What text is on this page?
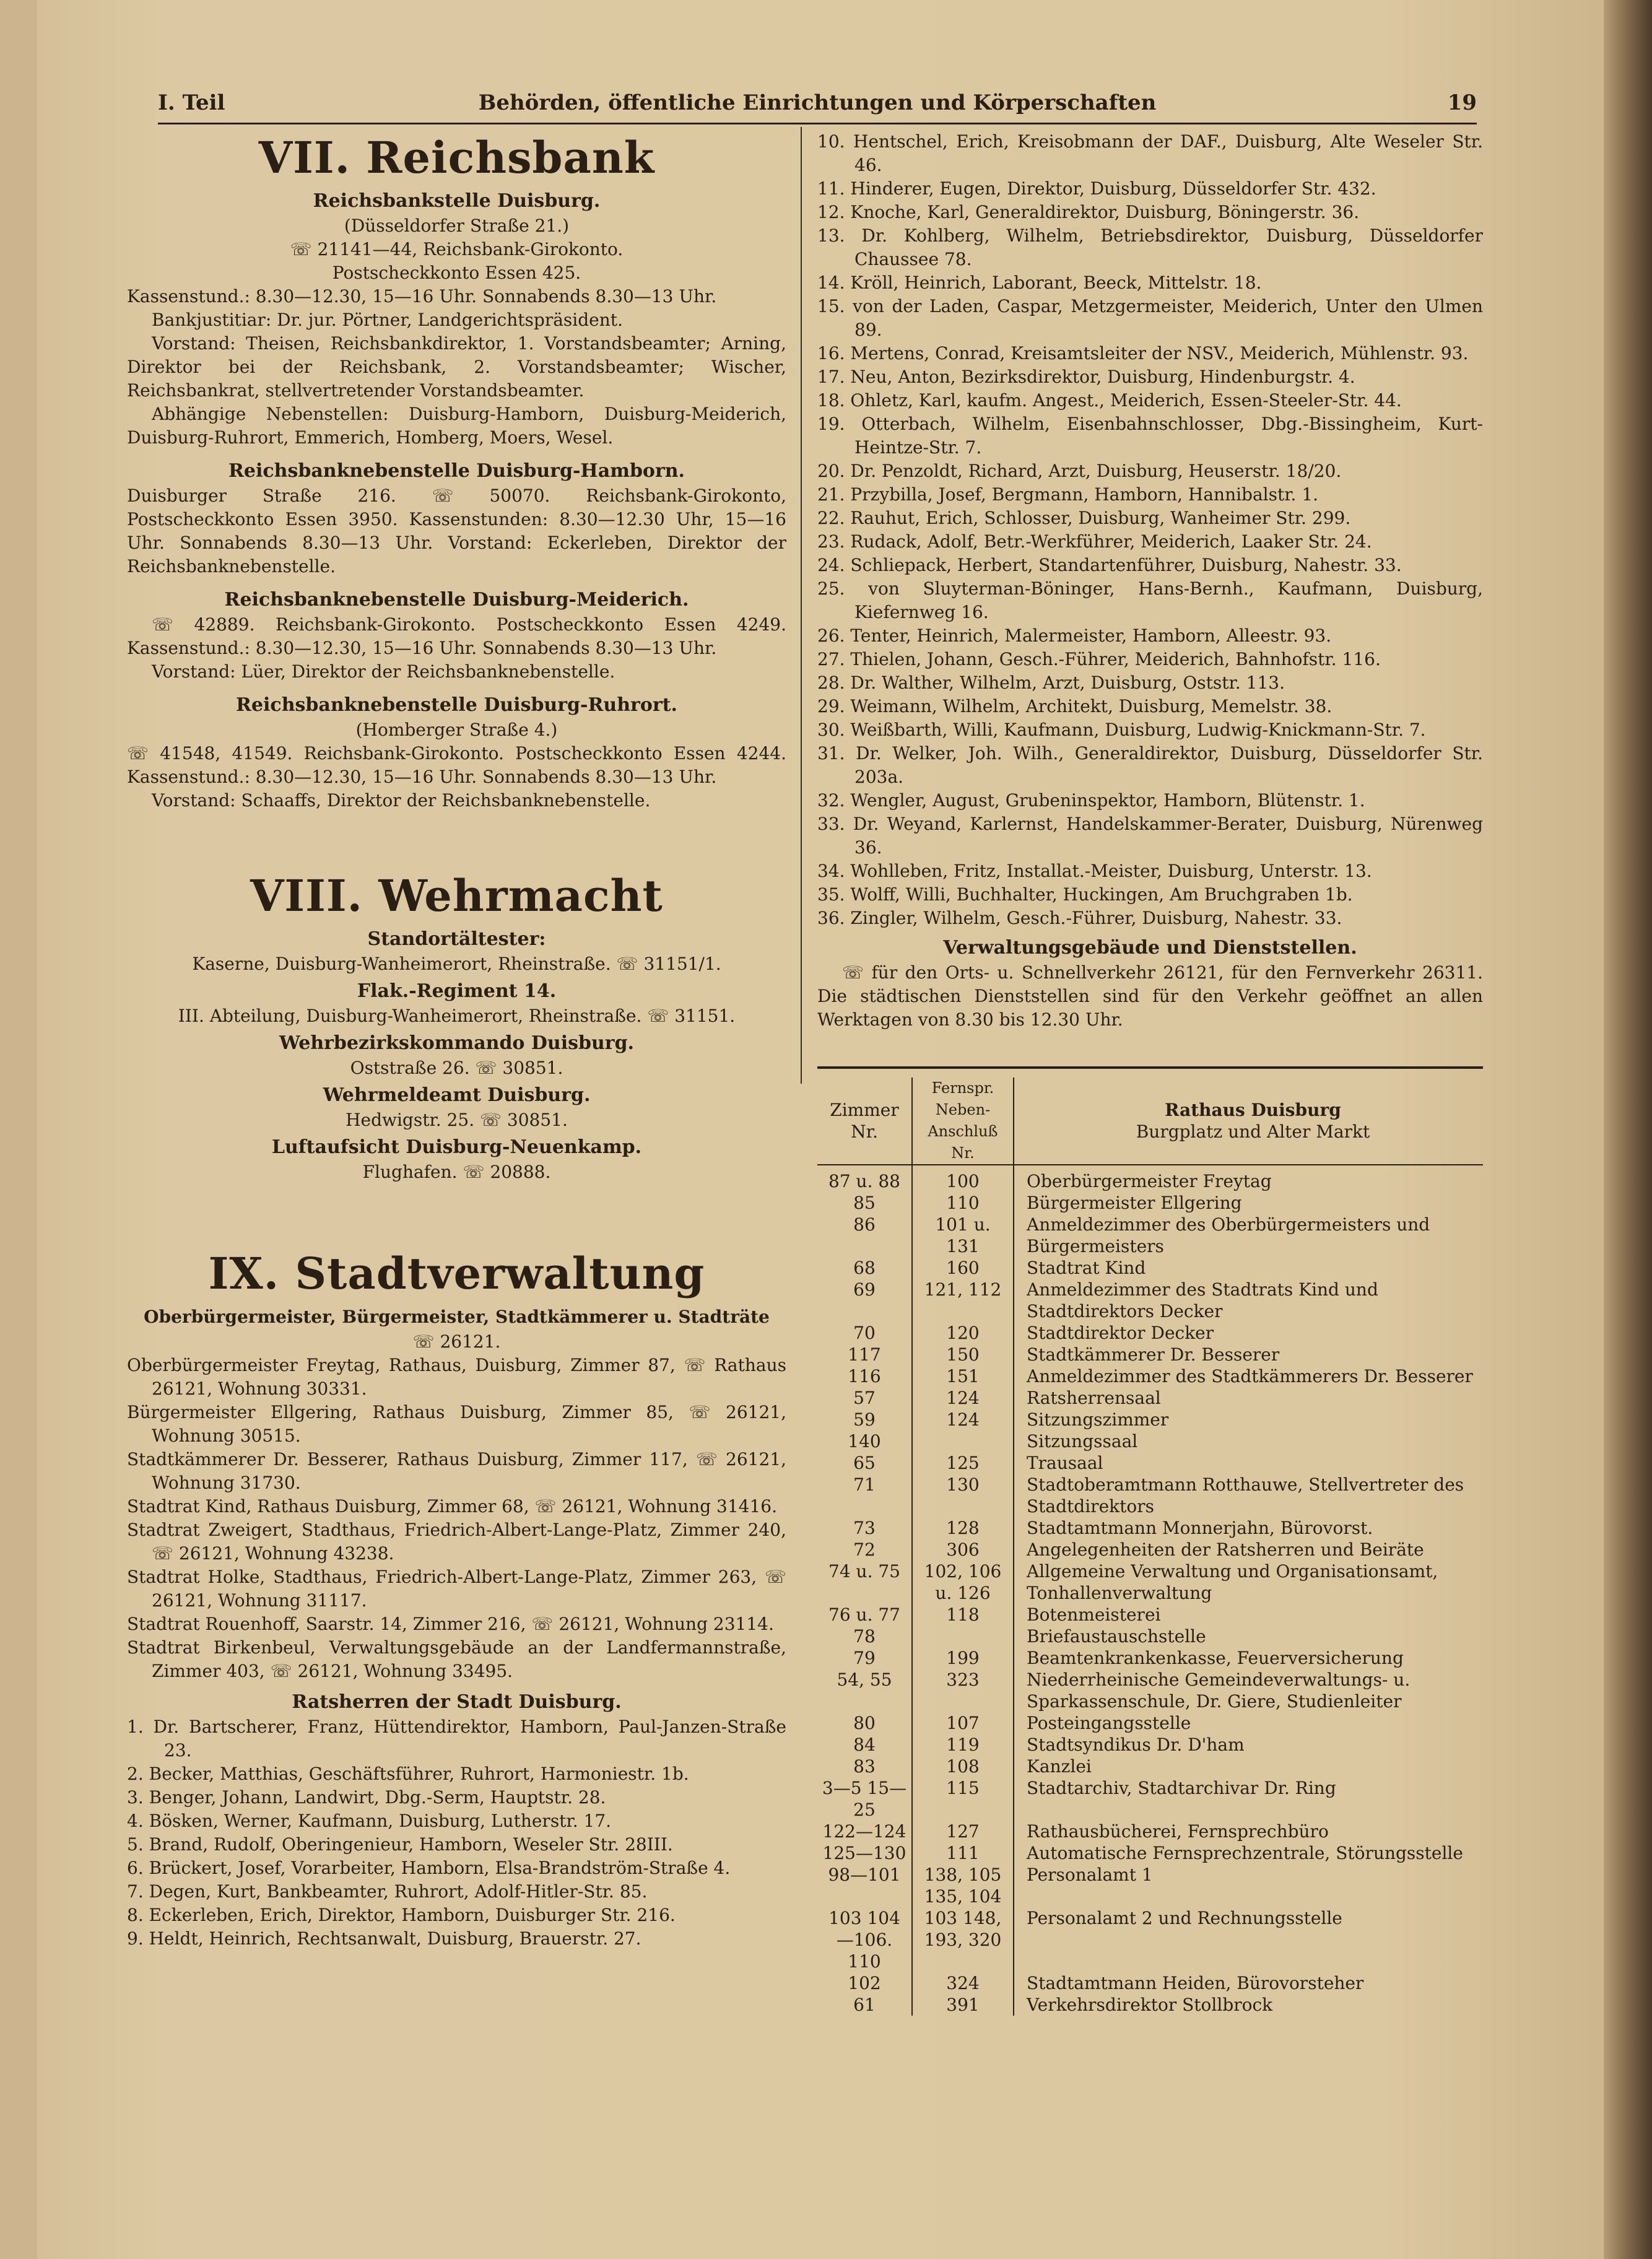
I. Teil	Behörden, öffentliche Einrichtungen und Körperschaften	19
VII. Reichsbank

Reichsbankstelle Duisburg.

(Düsseldorfer Straße 21.)

☏ 21141—44, Reichsbank-Girokonto.

Postscheckkonto Essen 425.

Kassenstund.: 8.30—12.30, 15—16 Uhr. Sonnabends 8.30—13 Uhr.

Bankjustitiar: Dr. jur. Pörtner, Landgerichtspräsident.

Vorstand: Theisen, Reichsbankdirektor, 1. Vorstandsbeamter; Arning, Direktor bei der Reichsbank, 2. Vorstandsbeamter; Wischer, Reichsbankrat, stellvertretender Vorstandsbeamter.

Abhängige Nebenstellen: Duisburg-Hamborn, Duisburg-Meiderich, Duisburg-Ruhrort, Emmerich, Homberg, Moers, Wesel.

Reichsbanknebenstelle Duisburg-Hamborn.

Duisburger Straße 216. ☏ 50070. Reichsbank-Girokonto, Postscheckkonto Essen 3950. Kassenstunden: 8.30—12.30 Uhr, 15—16 Uhr. Sonnabends 8.30—13 Uhr. Vorstand: Eckerleben, Direktor der Reichsbanknebenstelle.

Reichsbanknebenstelle Duisburg-Meiderich.

☏ 42889. Reichsbank-Girokonto. Postscheckkonto Essen 4249. Kassenstund.: 8.30—12.30, 15—16 Uhr. Sonnabends 8.30—13 Uhr.

Vorstand: Lüer, Direktor der Reichsbanknebenstelle.

Reichsbanknebenstelle Duisburg-Ruhrort.

(Homberger Straße 4.)

☏ 41548, 41549. Reichsbank-Girokonto. Postscheckkonto Essen 4244. Kassenstund.: 8.30—12.30, 15—16 Uhr. Sonnabends 8.30—13 Uhr.

Vorstand: Schaaffs, Direktor der Reichsbanknebenstelle.

VIII. Wehrmacht

Standortältester:

Kaserne, Duisburg-Wanheimerort, Rheinstraße. ☏ 31151/1.

Flak.-Regiment 14.

III. Abteilung, Duisburg-Wanheimerort, Rheinstraße. ☏ 31151.

Wehrbezirkskommando Duisburg.

Oststraße 26. ☏ 30851.

Wehrmeldeamt Duisburg.

Hedwigstr. 25. ☏ 30851.

Luftaufsicht Duisburg-Neuenkamp.

Flughafen. ☏ 20888.

IX. Stadtverwaltung

Oberbürgermeister, Bürgermeister, Stadtkämmerer u. Stadträte

☏ 26121.

Oberbürgermeister Freytag, Rathaus, Duisburg, Zimmer 87, ☏ Rathaus 26121, Wohnung 30331.

Bürgermeister Ellgering, Rathaus Duisburg, Zimmer 85, ☏ 26121, Wohnung 30515.

Stadtkämmerer Dr. Besserer, Rathaus Duisburg, Zimmer 117, ☏ 26121, Wohnung 31730.

Stadtrat Kind, Rathaus Duisburg, Zimmer 68, ☏ 26121, Wohnung 31416.

Stadtrat Zweigert, Stadthaus, Friedrich-Albert-Lange-Platz, Zimmer 240, ☏ 26121, Wohnung 43238.

Stadtrat Holke, Stadthaus, Friedrich-Albert-Lange-Platz, Zimmer 263, ☏ 26121, Wohnung 31117.

Stadtrat Rouenhoff, Saarstr. 14, Zimmer 216, ☏ 26121, Wohnung 23114.

Stadtrat Birkenbeul, Verwaltungsgebäude an der Landfermannstraße, Zimmer 403, ☏ 26121, Wohnung 33495.

Ratsherren der Stadt Duisburg.

1. Dr. Bartscherer, Franz, Hüttendirektor, Hamborn, Paul-Janzen-Straße 23.

2. Becker, Matthias, Geschäftsführer, Ruhrort, Harmoniestr. 1b.

3. Benger, Johann, Landwirt, Dbg.-Serm, Hauptstr. 28.

4. Bösken, Werner, Kaufmann, Duisburg, Lutherstr. 17.

5. Brand, Rudolf, Oberingenieur, Hamborn, Weseler Str. 28III.

6. Brückert, Josef, Vorarbeiter, Hamborn, Elsa-Brandström-Straße 4.

7. Degen, Kurt, Bankbeamter, Ruhrort, Adolf-Hitler-Str. 85.

8. Eckerleben, Erich, Direktor, Hamborn, Duisburger Str. 216.

9. Heldt, Heinrich, Rechtsanwalt, Duisburg, Brauerstr. 27.

10. Hentschel, Erich, Kreisobmann der DAF., Duisburg, Alte Weseler Str. 46.

11. Hinderer, Eugen, Direktor, Duisburg, Düsseldorfer Str. 432.

12. Knoche, Karl, Generaldirektor, Duisburg, Böningerstr. 36.

13. Dr. Kohlberg, Wilhelm, Betriebsdirektor, Duisburg, Düsseldorfer Chaussee 78.

14. Kröll, Heinrich, Laborant, Beeck, Mittelstr. 18.

15. von der Laden, Caspar, Metzgermeister, Meiderich, Unter den Ulmen 89.

16. Mertens, Conrad, Kreisamtsleiter der NSV., Meiderich, Mühlenstr. 93.

17. Neu, Anton, Bezirksdirektor, Duisburg, Hindenburgstr. 4.

18. Ohletz, Karl, kaufm. Angest., Meiderich, Essen-Steeler-Str. 44.

19. Otterbach, Wilhelm, Eisenbahnschlosser, Dbg.-Bissingheim, Kurt-Heintze-Str. 7.

20. Dr. Penzoldt, Richard, Arzt, Duisburg, Heuserstr. 18/20.

21. Przybilla, Josef, Bergmann, Hamborn, Hannibalstr. 1.

22. Rauhut, Erich, Schlosser, Duisburg, Wanheimer Str. 299.

23. Rudack, Adolf, Betr.-Werkführer, Meiderich, Laaker Str. 24.

24. Schliepack, Herbert, Standartenführer, Duisburg, Nahestr. 33.

25. von Sluyterman-Böninger, Hans-Bernh., Kaufmann, Duisburg, Kiefernweg 16.

26. Tenter, Heinrich, Malermeister, Hamborn, Alleestr. 93.

27. Thielen, Johann, Gesch.-Führer, Meiderich, Bahnhofstr. 116.

28. Dr. Walther, Wilhelm, Arzt, Duisburg, Oststr. 113.

29. Weimann, Wilhelm, Architekt, Duisburg, Memelstr. 38.

30. Weißbarth, Willi, Kaufmann, Duisburg, Ludwig-Knickmann-Str. 7.

31. Dr. Welker, Joh. Wilh., Generaldirektor, Duisburg, Düsseldorfer Str. 203a.

32. Wengler, August, Grubeninspektor, Hamborn, Blütenstr. 1.

33. Dr. Weyand, Karlernst, Handelskammer-Berater, Duisburg, Nürenweg 36.

34. Wohlleben, Fritz, Installat.-Meister, Duisburg, Unterstr. 13.

35. Wolff, Willi, Buchhalter, Huckingen, Am Bruchgraben 1b.

36. Zingler, Wilhelm, Gesch.-Führer, Duisburg, Nahestr. 33.

Verwaltungsgebäude und Dienststellen.

☏ für den Orts- u. Schnellverkehr 26121, für den Fernverkehr 26311. Die städtischen Dienststellen sind für den Verkehr geöffnet an allen Werktagen von 8.30 bis 12.30 Uhr.

Zimmer Nr.	Fernspr. Neben-Anschluß Nr.	Rathaus Duisburg
Burgplatz und Alter Markt
87 u. 88	100	Oberbürgermeister Freytag
85	110	Bürgermeister Ellgering
86	101 u. 131	Anmeldezimmer des Oberbürgermeisters und Bürgermeisters
68	160	Stadtrat Kind
69	121, 112	Anmeldezimmer des Stadtrats Kind und Stadtdirektors Decker
70	120	Stadtdirektor Decker
117	150	Stadtkämmerer Dr. Besserer
116	151	Anmeldezimmer des Stadtkämmerers Dr. Besserer
57	124	Ratsherrensaal
59	124	Sitzungszimmer
140		Sitzungssaal
65	125	Trausaal
71	130	Stadtoberamtmann Rotthauwe, Stellvertreter des Stadtdirektors
73	128	Stadtamtmann Monnerjahn, Bürovorst.
72	306	Angelegenheiten der Ratsherren und Beiräte
74 u. 75	102, 106 u. 126	Allgemeine Verwaltung und Organisationsamt, Tonhallenverwaltung
76 u. 77	118	Botenmeisterei
78		Briefaustauschstelle
79	199	Beamtenkrankenkasse, Feuerversicherung
54, 55	323	Niederrheinische Gemeindeverwaltungs- u. Sparkassenschule, Dr. Giere, Studienleiter
80	107	Posteingangsstelle
84	119	Stadtsyndikus Dr. D'ham
83	108	Kanzlei
3—5 15—25	115	Stadtarchiv, Stadtarchivar Dr. Ring
122—124	127	Rathausbücherei, Fernsprechbüro
125—130	111	Automatische Fernsprechzentrale, Störungsstelle
98—101	138, 105 135, 104	Personalamt 1
103 104—106. 110	103 148, 193, 320	Personalamt 2 und Rechnungsstelle
102	324	Stadtamtmann Heiden, Bürovorsteher
61	391	Verkehrsdirektor Stollbrock
